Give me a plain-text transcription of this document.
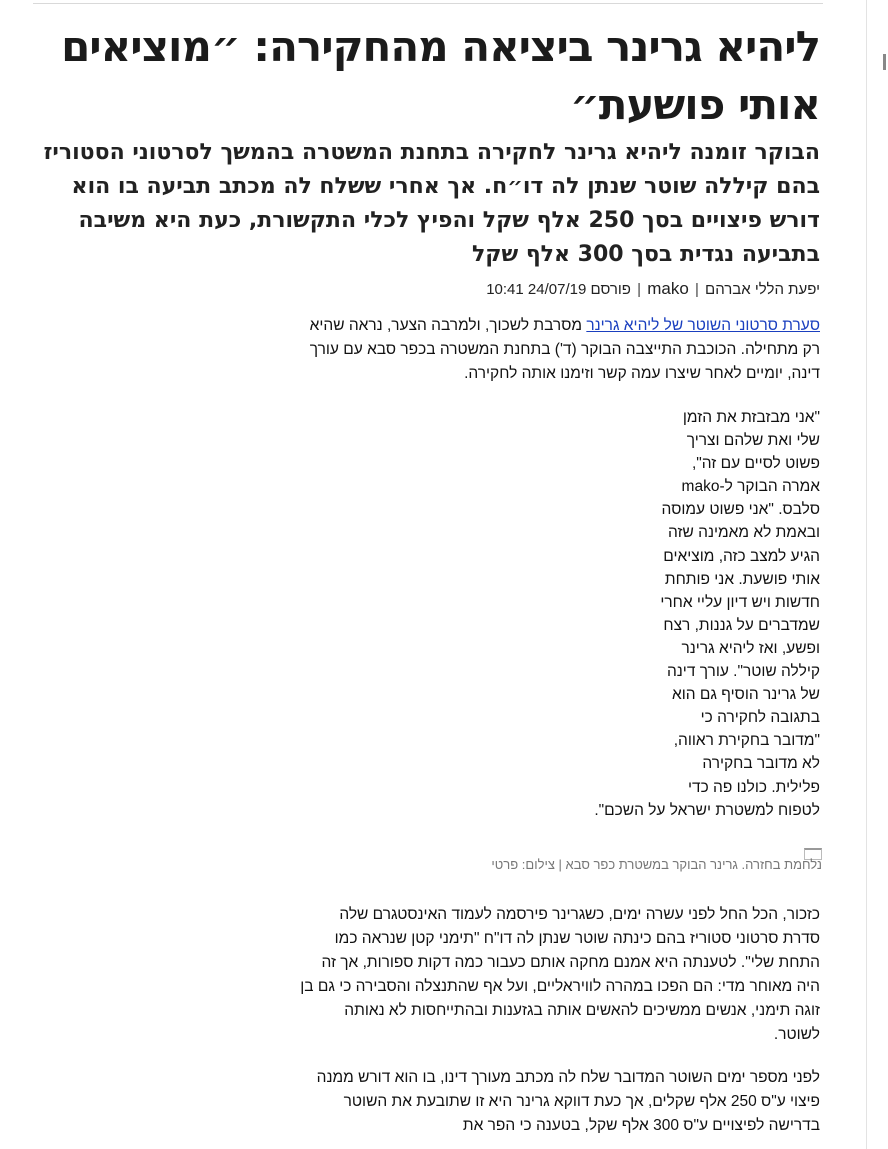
ליהיא גרינר ביציאה מהחקירה: ״מוציאים אותי פושעת״
הבוקר זומנה ליהיא גרינר לחקירה בתחנת המשטרה בהמשך לסרטוני הסטוריז בהם קיללה שוטר שנתן לה דו״ח. אך אחרי ששלח לה מכתב תביעה בו הוא דורש פיצויים בסך 250 אלף שקל והפיץ לכלי התקשורת, כעת היא משיבה בתביעה נגדית בסך 300 אלף שקל
יפעת הללי אברהם | mako | פורסם 24/07/19 10:41
סערת סרטוני השוטר של ליהיא גרינר מסרבת לשכוך, ולמרבה הצער, נראה שהיא
רק מתחילה. הכוכבת התייצבה הבוקר (ד') בתחנת המשטרה בכפר סבא עם עורך
דינה, יומיים לאחר שיצרו עמה קשר וזימנו אותה לחקירה.
"אני מבזבזת את הזמן
שלי ואת שלהם וצריך
פשוט לסיים עם זה",
אמרה הבוקר ל-mako
סלבס. "אני פשוט עמוסה
ובאמת לא מאמינה שזה
הגיע למצב כזה, מוציאים
אותי פושעת. אני פותחת
חדשות ויש דיון עליי אחרי
שמדברים על גננות, רצח
ופשע, ואז ליהיא גרינר
קיללה שוטר". עורך דינה
של גרינר הוסיף גם הוא
בתגובה לחקירה כי
"מדובר בחקירת ראווה,
לא מדובר בחקירה
פלילית. כולנו פה כדי
לטפוח למשטרת ישראל על השכם".
נלחמת בחזרה. גרינר הבוקר במשטרת כפר סבא | צילום: פרטי
כזכור, הכל החל לפני עשרה ימים, כשגרינר פירסמה לעמוד האינסטגרם שלה
סדרת סרטוני סטוריז בהם כינתה שוטר שנתן לה דו"ח "תימני קטן שנראה כמו
התחת שלי". לטענתה היא אמנם מחקה אותם כעבור כמה דקות ספורות, אך זה
היה מאוחר מדי: הם הפכו במהרה לוויראליים, ועל אף שהתנצלה והסבירה כי גם בן
זוגה תימני, אנשים ממשיכים להאשים אותה בגזענות ובהתייחסות לא נאותה
לשוטר.
לפני מספר ימים השוטר המדובר שלח לה מכתב מעורך דינו, בו הוא דורש ממנה
פיצוי ע"ס 250 אלף שקלים, אך כעת דווקא גרינר היא זו שתובעת את השוטר
בדרישה לפיצויים ע"ס 300 אלף שקל, בטענה כי הפר את
